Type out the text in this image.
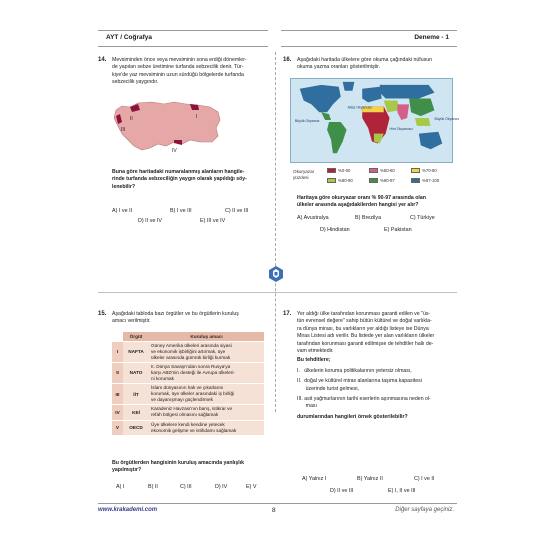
AYT / Coğrafya	Deneme - 1
14. Mevsiminden önce veya mevsiminin sona erdiği dönemler-
de yapılan sebze üretimine turfanda sebzecilik denir. Tür-
kiye'de yaz mevsiminin uzun sürdüğü bölgelerde turfanda
sebzecilik yaygındır.
I
II
III
IV
Buna göre haritadaki numaralanmış alanların hangile-
rinde turfanda sebzeciliğin yaygın olarak yapıldığı söy-
lenebilir?
A) I ve II	B) I ve III	C) II ve III
D) II ve IV	E) III ve IV
16. Aşağıdaki haritada ülkelere göre okuma çağındaki nüfusun
okuma yazma oranları gösterilmiştir.
Büyük Okyanus
Atlas Okyanusu
Hint Okyanusu
Büyük Okyanus
Okuryazar yüzdesi
%0-50	%50-60	%70-80
%80-90	%90-97	%97-100
Haritaya göre okuryazar oranı % 90-97 arasında olan
ülkeler arasında aşağıdakilerden hangisi yer alır?
A) Avustralya	B) Brezilya	C) Türkiye
D) Hindistan	E) Pakistan
15. Aşağıdaki tabloda bazı örgütler ve bu örgütlerin kuruluş
amacı verilmiştir.
	Örgüt	Kuruluş amacı
I	NAFTA	Güney Amerika ülkeleri arasında siyasi
ve ekonomik işbirliğini artırmak, üye
ülkeler arasında gümrük birliği kurmak

II	NATO	II. Dünya Savaşı'ndan sonra Rusya'ya
karşı ABD'nin desteği ile Avrupa ülkeleri-
ni korumak

III	İİT	İslam dünyasının hak ve çıkarlarını
korumak, üye ülkeler arasındaki iş birliği
ve dayanışmayı güçlendirmek

IV	KEİ	Karadeniz Havzası'nın barış, istikrar ve
refah bölgesi olmasını sağlamak

V	OECD	Üye ülkelere kendi kendine yetecek
ekonomik gelişme ve istihdamı sağlamak
Bu örgütlerden hangisinin kuruluş amacında yanlışlık
yapılmıştır?
A) I	B) II	C) III	D) IV	E) V
17. Yer aldığı ülke tarafından korunması garanti edilen ve "üs-
tün evrensel değere" sahip bütün kültürel ve doğal varlıkla-
ra dünya mirası, bu varlıkların yer aldığı listeye ise Dünya
Miras Listesi adı verilir. Bu listede yer alan varlıkların ülkeler
tarafından korunması garanti edilmişse de tehditler haliı de-
vam etmektedir.
Bu tehditlere;
I.   ülkelerin koruma politikalarının yetersiz olması,
II.  doğal ve kültürel miras alanlarına taşıma kapasitesi
üzerinde turist gelmesi,
III. asit yağmurlarının tarihi eserlerin aşınmasına neden ol-
ması
durumlarından hangileri örnek gösterilebilir?
A) Yalnız I	B) Yalnız II	C) I ve II
D) II ve III	E) I, II ve III
www.krakademi.com	8	Diğer sayfaya geçiniz.
